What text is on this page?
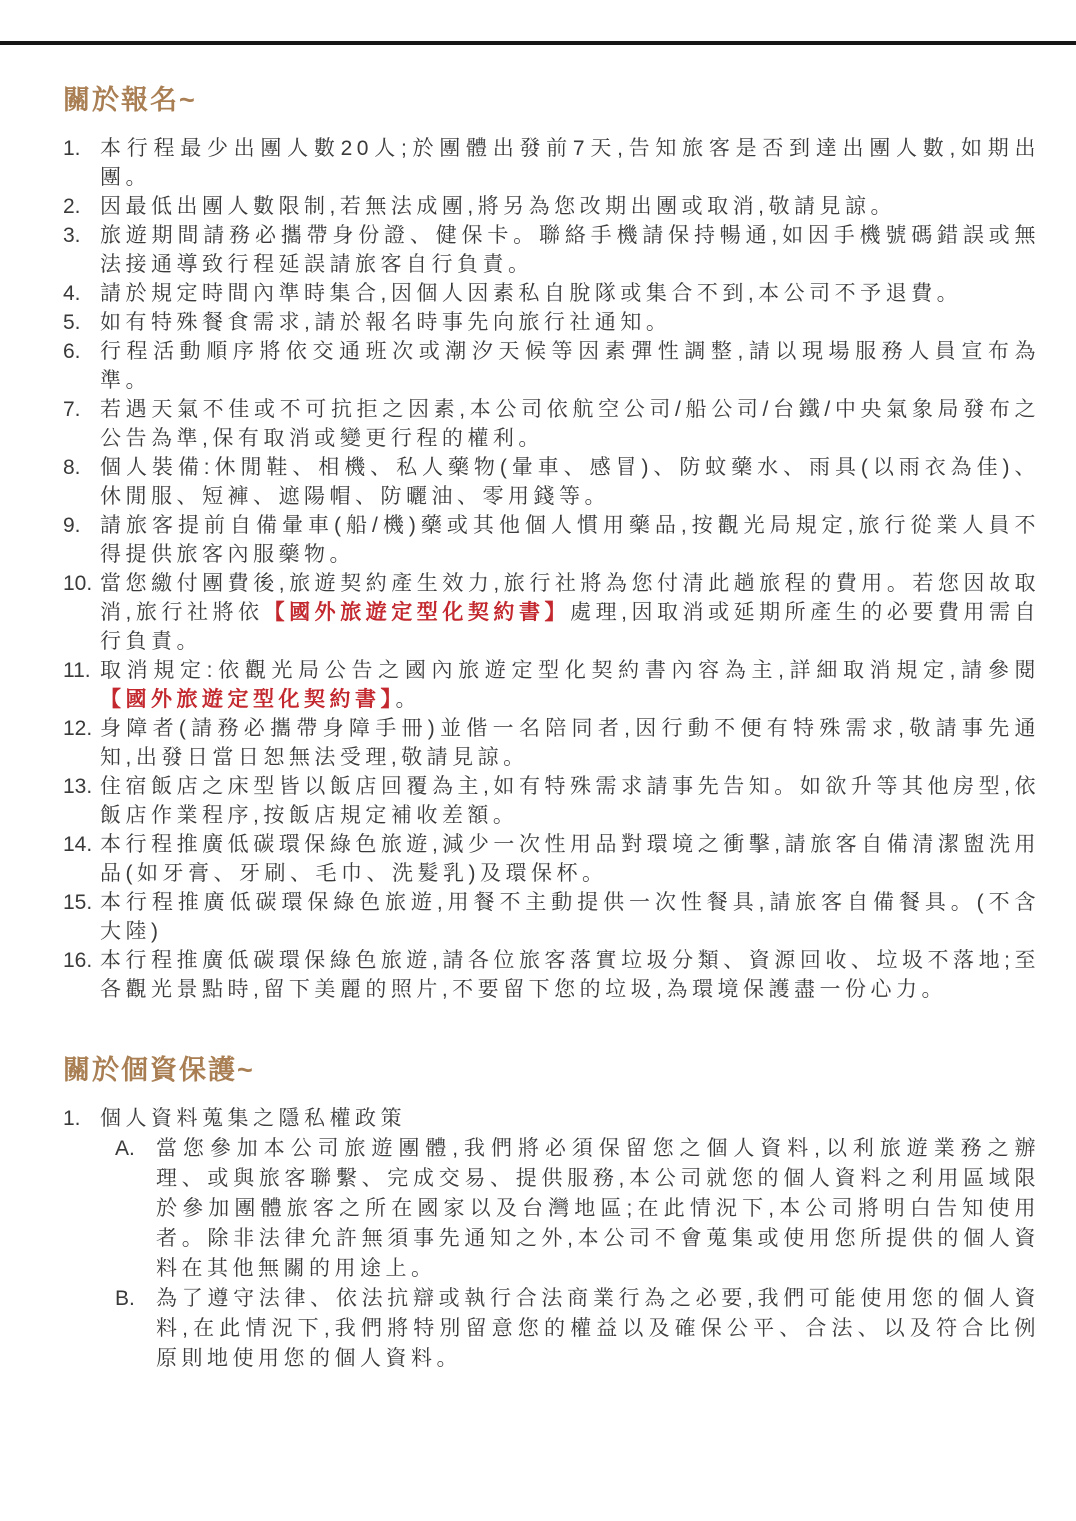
關於報名~
1. 本行程最少出團人數20人;於團體出發前7天,告知旅客是否到達出團人數,如期出團。
2. 因最低出團人數限制,若無法成團,將另為您改期出團或取消,敬請見諒。
3. 旅遊期間請務必攜帶身份證、健保卡。聯絡手機請保持暢通,如因手機號碼錯誤或無法接通導致行程延誤請旅客自行負責。
4. 請於規定時間內準時集合,因個人因素私自脫隊或集合不到,本公司不予退費。
5. 如有特殊餐食需求,請於報名時事先向旅行社通知。
6. 行程活動順序將依交通班次或潮汐天候等因素彈性調整,請以現場服務人員宣布為準。
7. 若遇天氣不佳或不可抗拒之因素,本公司依航空公司/船公司/台鐵/中央氣象局發布之公告為準,保有取消或變更行程的權利。
8. 個人裝備:休閒鞋、相機、私人藥物(暈車、感冒)、防蚊藥水、雨具(以雨衣為佳)、休閒服、短褲、遮陽帽、防曬油、零用錢等。
9. 請旅客提前自備暈車(船/機)藥或其他個人慣用藥品,按觀光局規定,旅行從業人員不得提供旅客內服藥物。
10. 當您繳付團費後,旅遊契約產生效力,旅行社將為您付清此趟旅程的費用。若您因故取消,旅行社將依【國外旅遊定型化契約書】處理,因取消或延期所產生的必要費用需自行負責。
11. 取消規定:依觀光局公告之國內旅遊定型化契約書內容為主,詳細取消規定,請參閱【國外旅遊定型化契約書】。
12. 身障者(請務必攜帶身障手冊)並偕一名陪同者,因行動不便有特殊需求,敬請事先通知,出發日當日恕無法受理,敬請見諒。
13. 住宿飯店之床型皆以飯店回覆為主,如有特殊需求請事先告知。如欲升等其他房型,依飯店作業程序,按飯店規定補收差額。
14. 本行程推廣低碳環保綠色旅遊,減少一次性用品對環境之衝擊,請旅客自備清潔盥洗用品(如牙膏、牙刷、毛巾、洗髮乳)及環保杯。
15. 本行程推廣低碳環保綠色旅遊,用餐不主動提供一次性餐具,請旅客自備餐具。(不含大陸)
16. 本行程推廣低碳環保綠色旅遊,請各位旅客落實垃圾分類、資源回收、垃圾不落地;至各觀光景點時,留下美麗的照片,不要留下您的垃圾,為環境保護盡一份心力。
關於個資保護~
1. 個人資料蒐集之隱私權政策
A.	當您參加本公司旅遊團體,我們將必須保留您之個人資料,以利旅遊業務之辦理、或與旅客聯繫、完成交易、提供服務,本公司就您的個人資料之利用區域限於參加團體旅客之所在國家以及台灣地區;在此情況下,本公司將明白告知使用者。除非法律允許無須事先通知之外,本公司不會蒐集或使用您所提供的個人資料在其他無關的用途上。
B.	為了遵守法律、依法抗辯或執行合法商業行為之必要,我們可能使用您的個人資料,在此情況下,我們將特別留意您的權益以及確保公平、合法、以及符合比例原則地使用您的個人資料。
